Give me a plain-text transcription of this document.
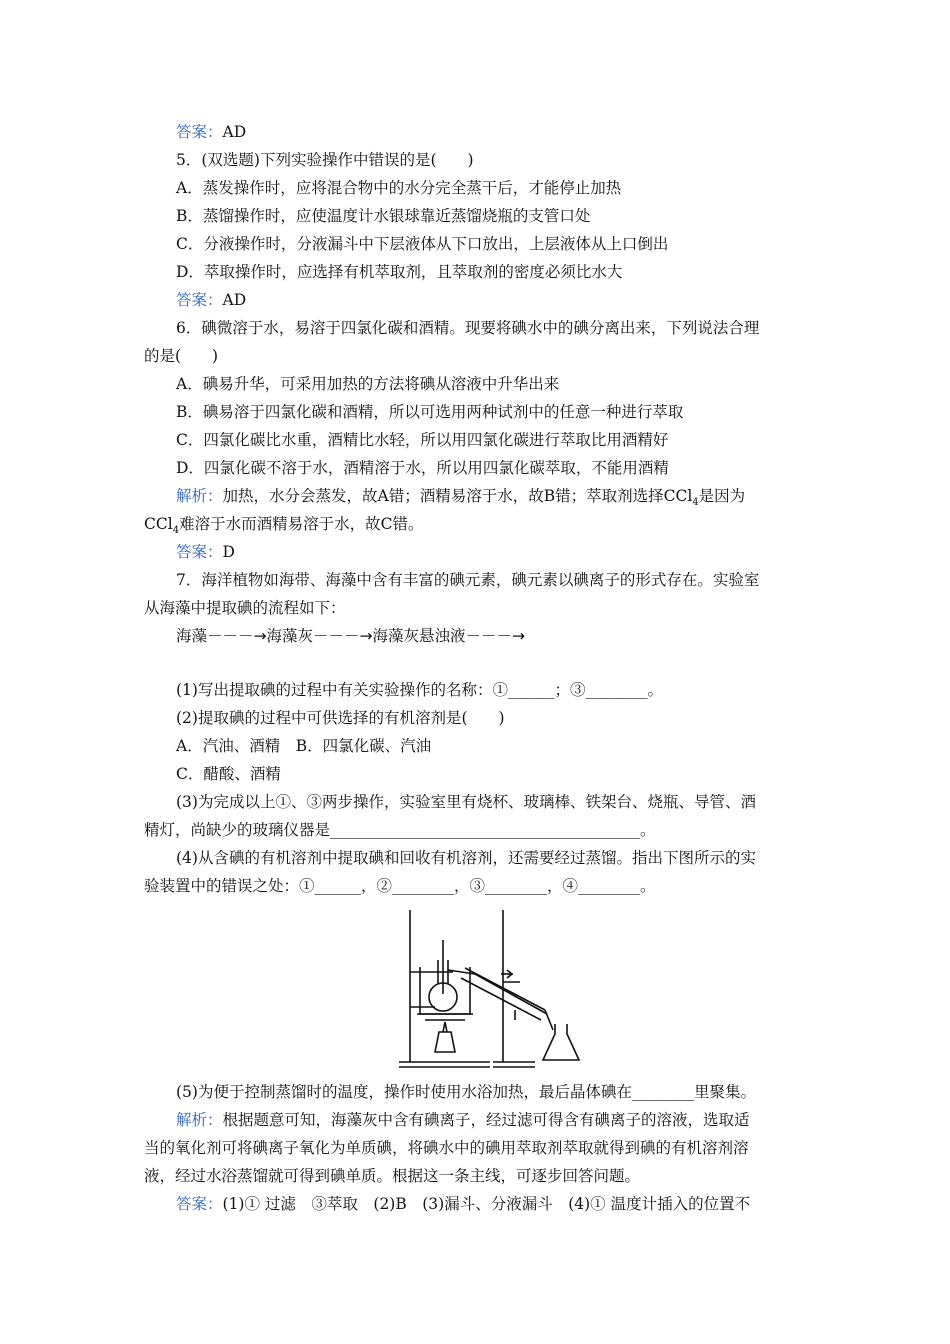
答案：AD
5．(双选题)下列实验操作中错误的是(　　)
A．蒸发操作时，应将混合物中的水分完全蒸干后，才能停止加热
B．蒸馏操作时，应使温度计水银球靠近蒸馏烧瓶的支管口处
C．分液操作时，分液漏斗中下层液体从下口放出，上层液体从上口倒出
D．萃取操作时，应选择有机萃取剂，且萃取剂的密度必须比水大
答案：AD
6．碘微溶于水，易溶于四氯化碳和酒精。现要将碘水中的碘分离出来，下列说法合理
的是(　　)
A．碘易升华，可采用加热的方法将碘从溶液中升华出来
B．碘易溶于四氯化碳和酒精，所以可选用两种试剂中的任意一种进行萃取
C．四氯化碳比水重，酒精比水轻，所以用四氯化碳进行萃取比用酒精好
D．四氯化碳不溶于水，酒精溶于水，所以用四氯化碳萃取，不能用酒精
解析：加热，水分会蒸发，故A错；酒精易溶于水，故B错；萃取剂选择CCl$_4$是因为
CCl$_4$难溶于水而酒精易溶于水，故C错。
答案：D
7．海洋植物如海带、海藻中含有丰富的碘元素，碘元素以碘离子的形式存在。实验室
从海藻中提取碘的流程如下：
海藻－－－→海藻灰－－－→海藻灰悬浊液－－－→
(1)写出提取碘的过程中有关实验操作的名称：①______；③________。
(2)提取碘的过程中可供选择的有机溶剂是(　　)
A．汽油、酒精　B．四氯化碳、汽油
C．醋酸、酒精
(3)为完成以上①、③两步操作，实验室里有烧杯、玻璃棒、铁架台、烧瓶、导管、酒
精灯，尚缺少的玻璃仪器是________________________________________。
(4)从含碘的有机溶剂中提取碘和回收有机溶剂，还需要经过蒸馏。指出下图所示的实
验装置中的错误之处：①______，②________，③________，④________。
(5)为便于控制蒸馏时的温度，操作时使用水浴加热，最后晶体碘在________里聚集。
解析：根据题意可知，海藻灰中含有碘离子，经过滤可得含有碘离子的溶液，选取适
当的氧化剂可将碘离子氧化为单质碘，将碘水中的碘用萃取剂萃取就得到碘的有机溶剂溶
液，经过水浴蒸馏就可得到碘单质。根据这一条主线，可逐步回答问题。
答案：(1)① 过滤　③萃取　(2)B　(3)漏斗、分液漏斗　(4)① 温度计插入的位置不
